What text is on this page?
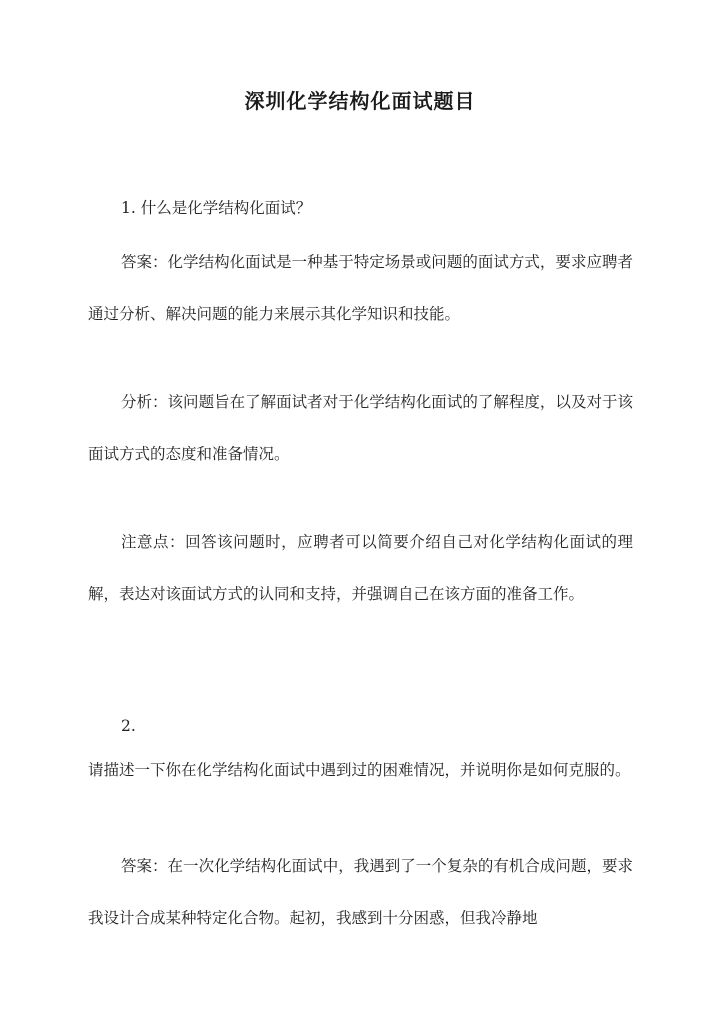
深圳化学结构化面试题目
1. 什么是化学结构化面试？
答案：化学结构化面试是一种基于特定场景或问题的面试方式，要求应聘者通过分析、解决问题的能力来展示其化学知识和技能。
分析：该问题旨在了解面试者对于化学结构化面试的了解程度，以及对于该面试方式的态度和准备情况。
注意点：回答该问题时，应聘者可以简要介绍自己对化学结构化面试的理解，表达对该面试方式的认同和支持，并强调自己在该方面的准备工作。
2.
请描述一下你在化学结构化面试中遇到过的困难情况，并说明你是如何克服的。
答案：在一次化学结构化面试中，我遇到了一个复杂的有机合成问题，要求我设计合成某种特定化合物。起初，我感到十分困惑，但我冷静地
